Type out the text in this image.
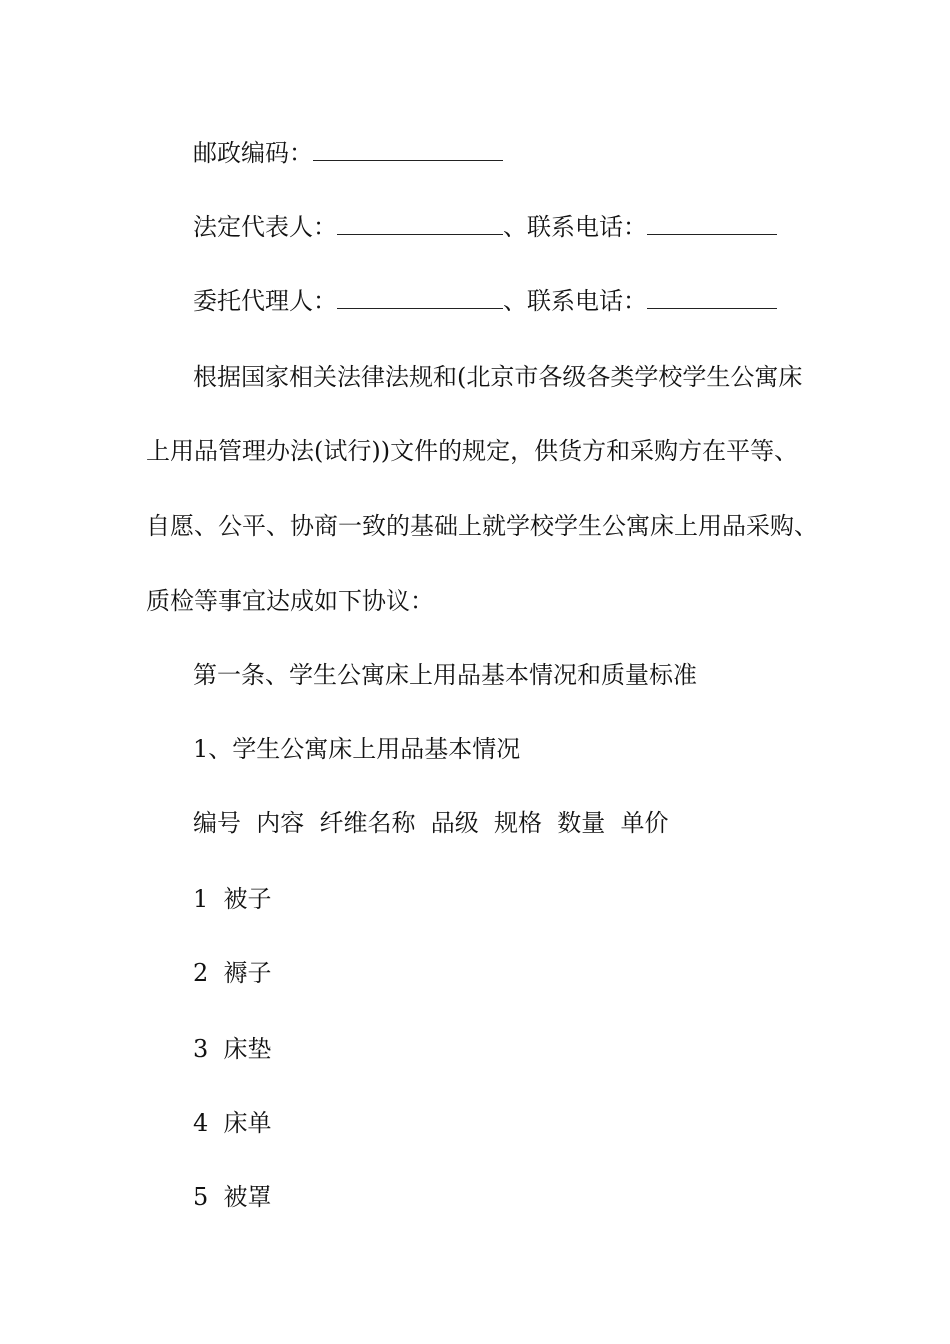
邮政编码：

法定代表人：	、联系电话：

委托代理人：	、联系电话：

根据国家相关法律法规和(北京市各级各类学校学生公寓床

上用品管理办法(试行))文件的规定，供货方和采购方在平等、

自愿、公平、协商一致的基础上就学校学生公寓床上用品采购、

质检等事宜达成如下协议：

第一条、学生公寓床上用品基本情况和质量标准

1、学生公寓床上用品基本情况

编号  内容  纤维名称  品级  规格  数量  单价

1  被子

2  褥子

3  床垫

4  床单

5  被罩
